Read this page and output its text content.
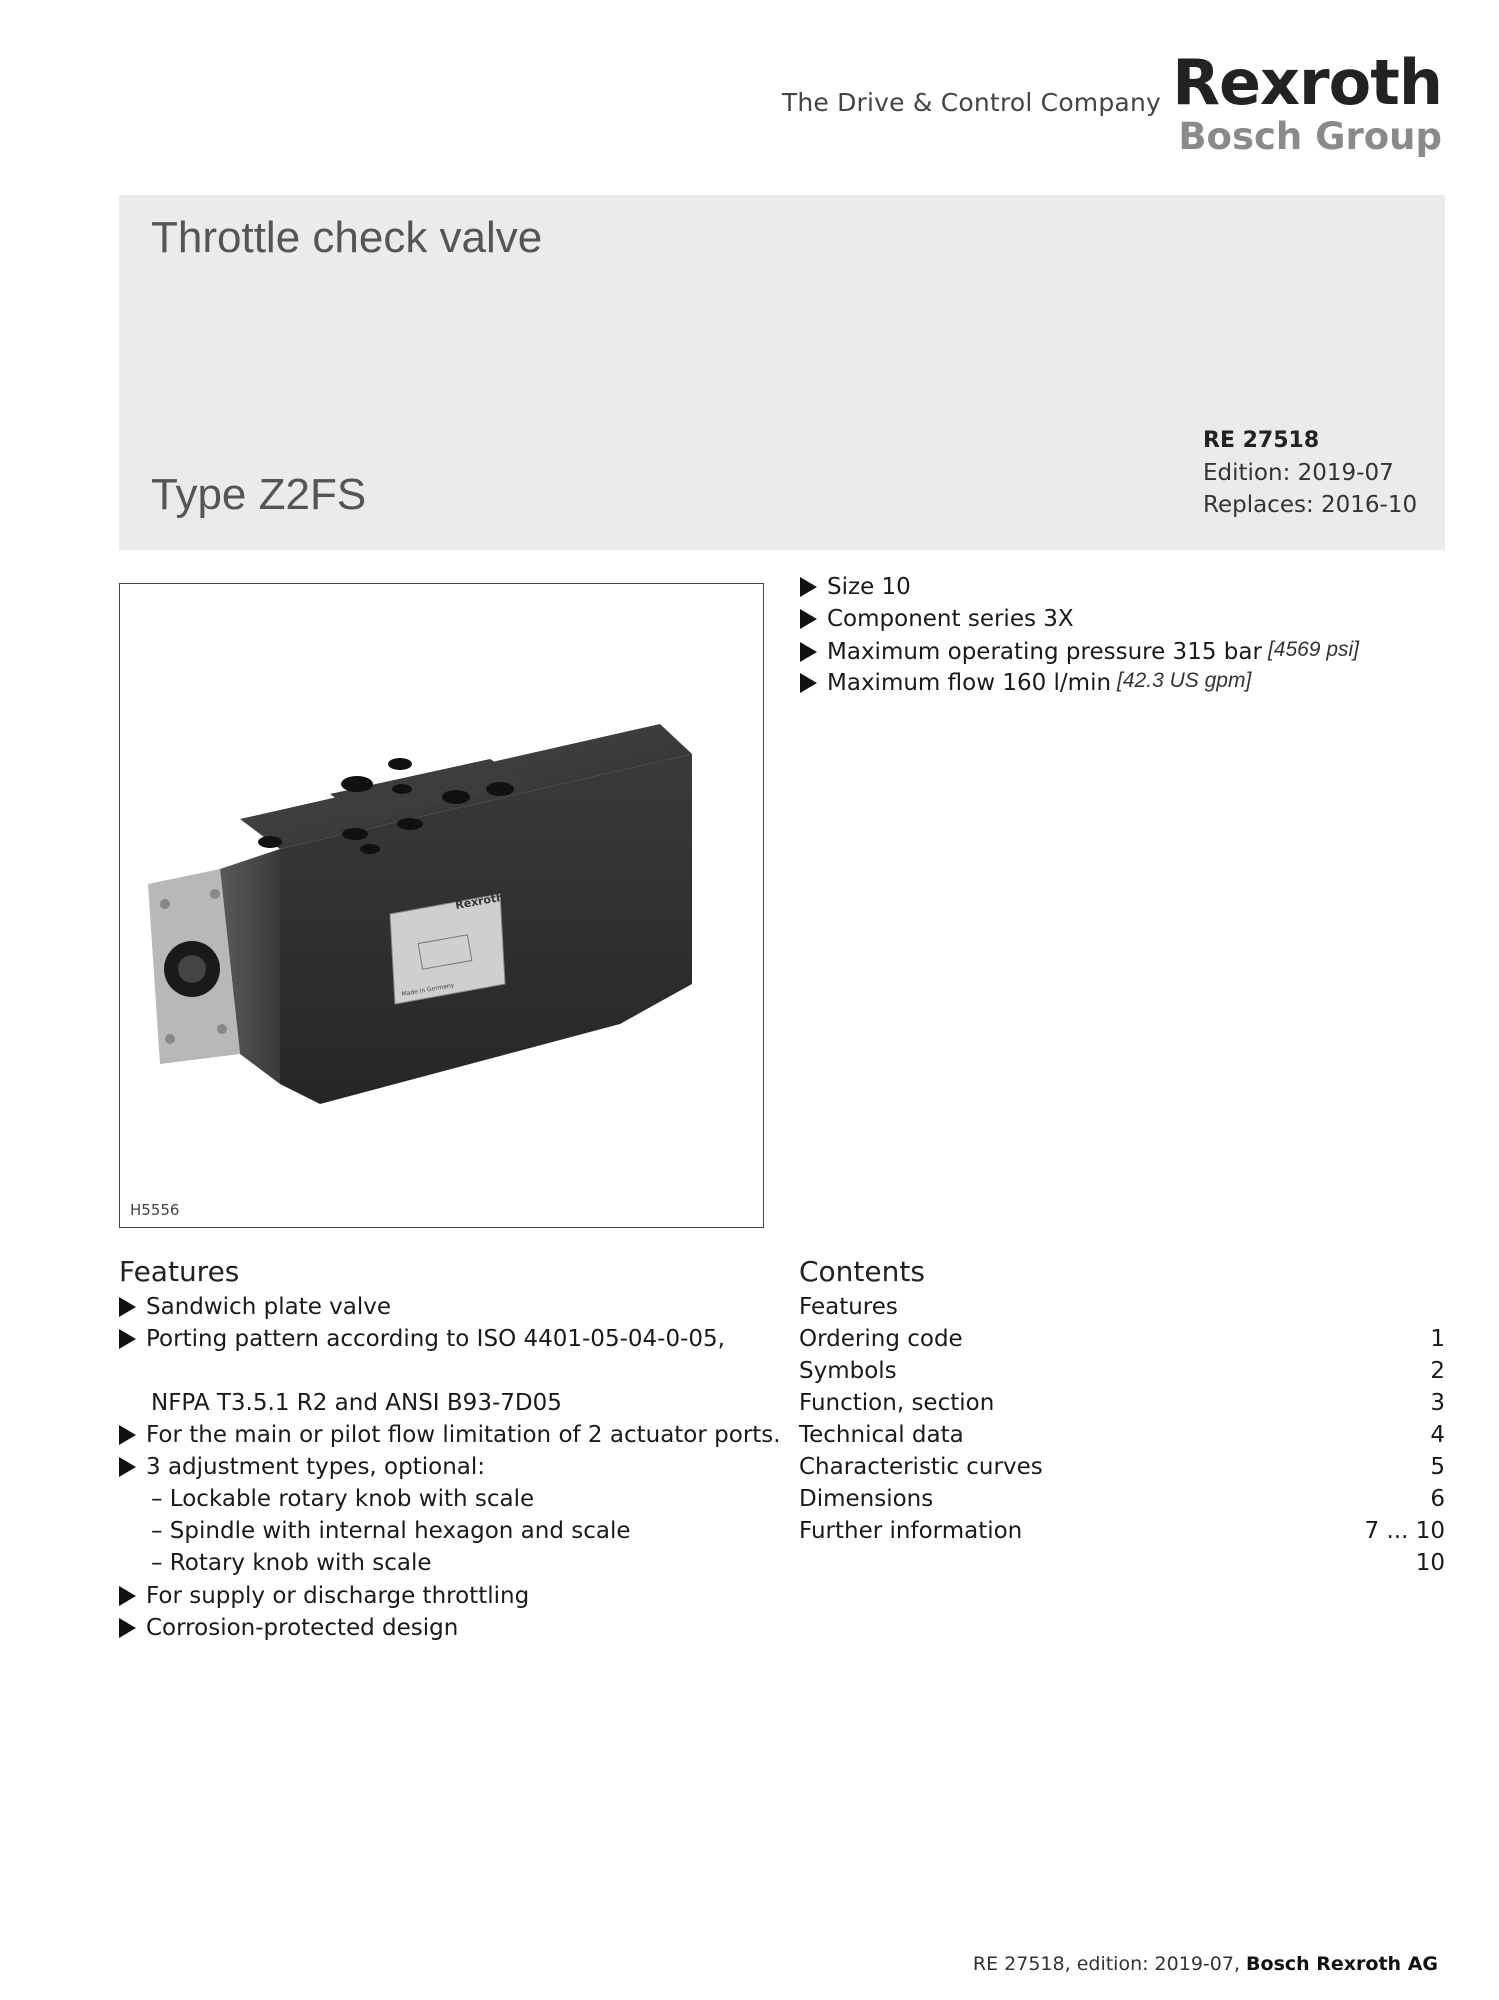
The Drive & Control Company Rexroth
Bosch Group
Throttle check valve
Type Z2FS
RE 27518
Edition: 2019-07
Replaces: 2016-10
Rexroth
Made in Germany
H5556
Size 10
Component series 3X
Maximum operating pressure 315 bar [4569 psi]
Maximum flow 160 l/min [42.3 US gpm]
Features
Sandwich plate valve
Porting pattern according to ISO 4401-05-04-0-05,
NFPA T3.5.1 R2 and ANSI B93-7D05
For the main or pilot flow limitation of 2 actuator ports.
3 adjustment types, optional:
– Lockable rotary knob with scale
– Spindle with internal hexagon and scale
– Rotary knob with scale
For supply or discharge throttling
Corrosion-protected design
Contents
Features
Ordering code	1
Symbols	2
Function, section	3
Technical data	4
Characteristic curves	5
Dimensions	6
Further information	7 ... 10
10
RE 27518, edition: 2019-07, Bosch Rexroth AG
